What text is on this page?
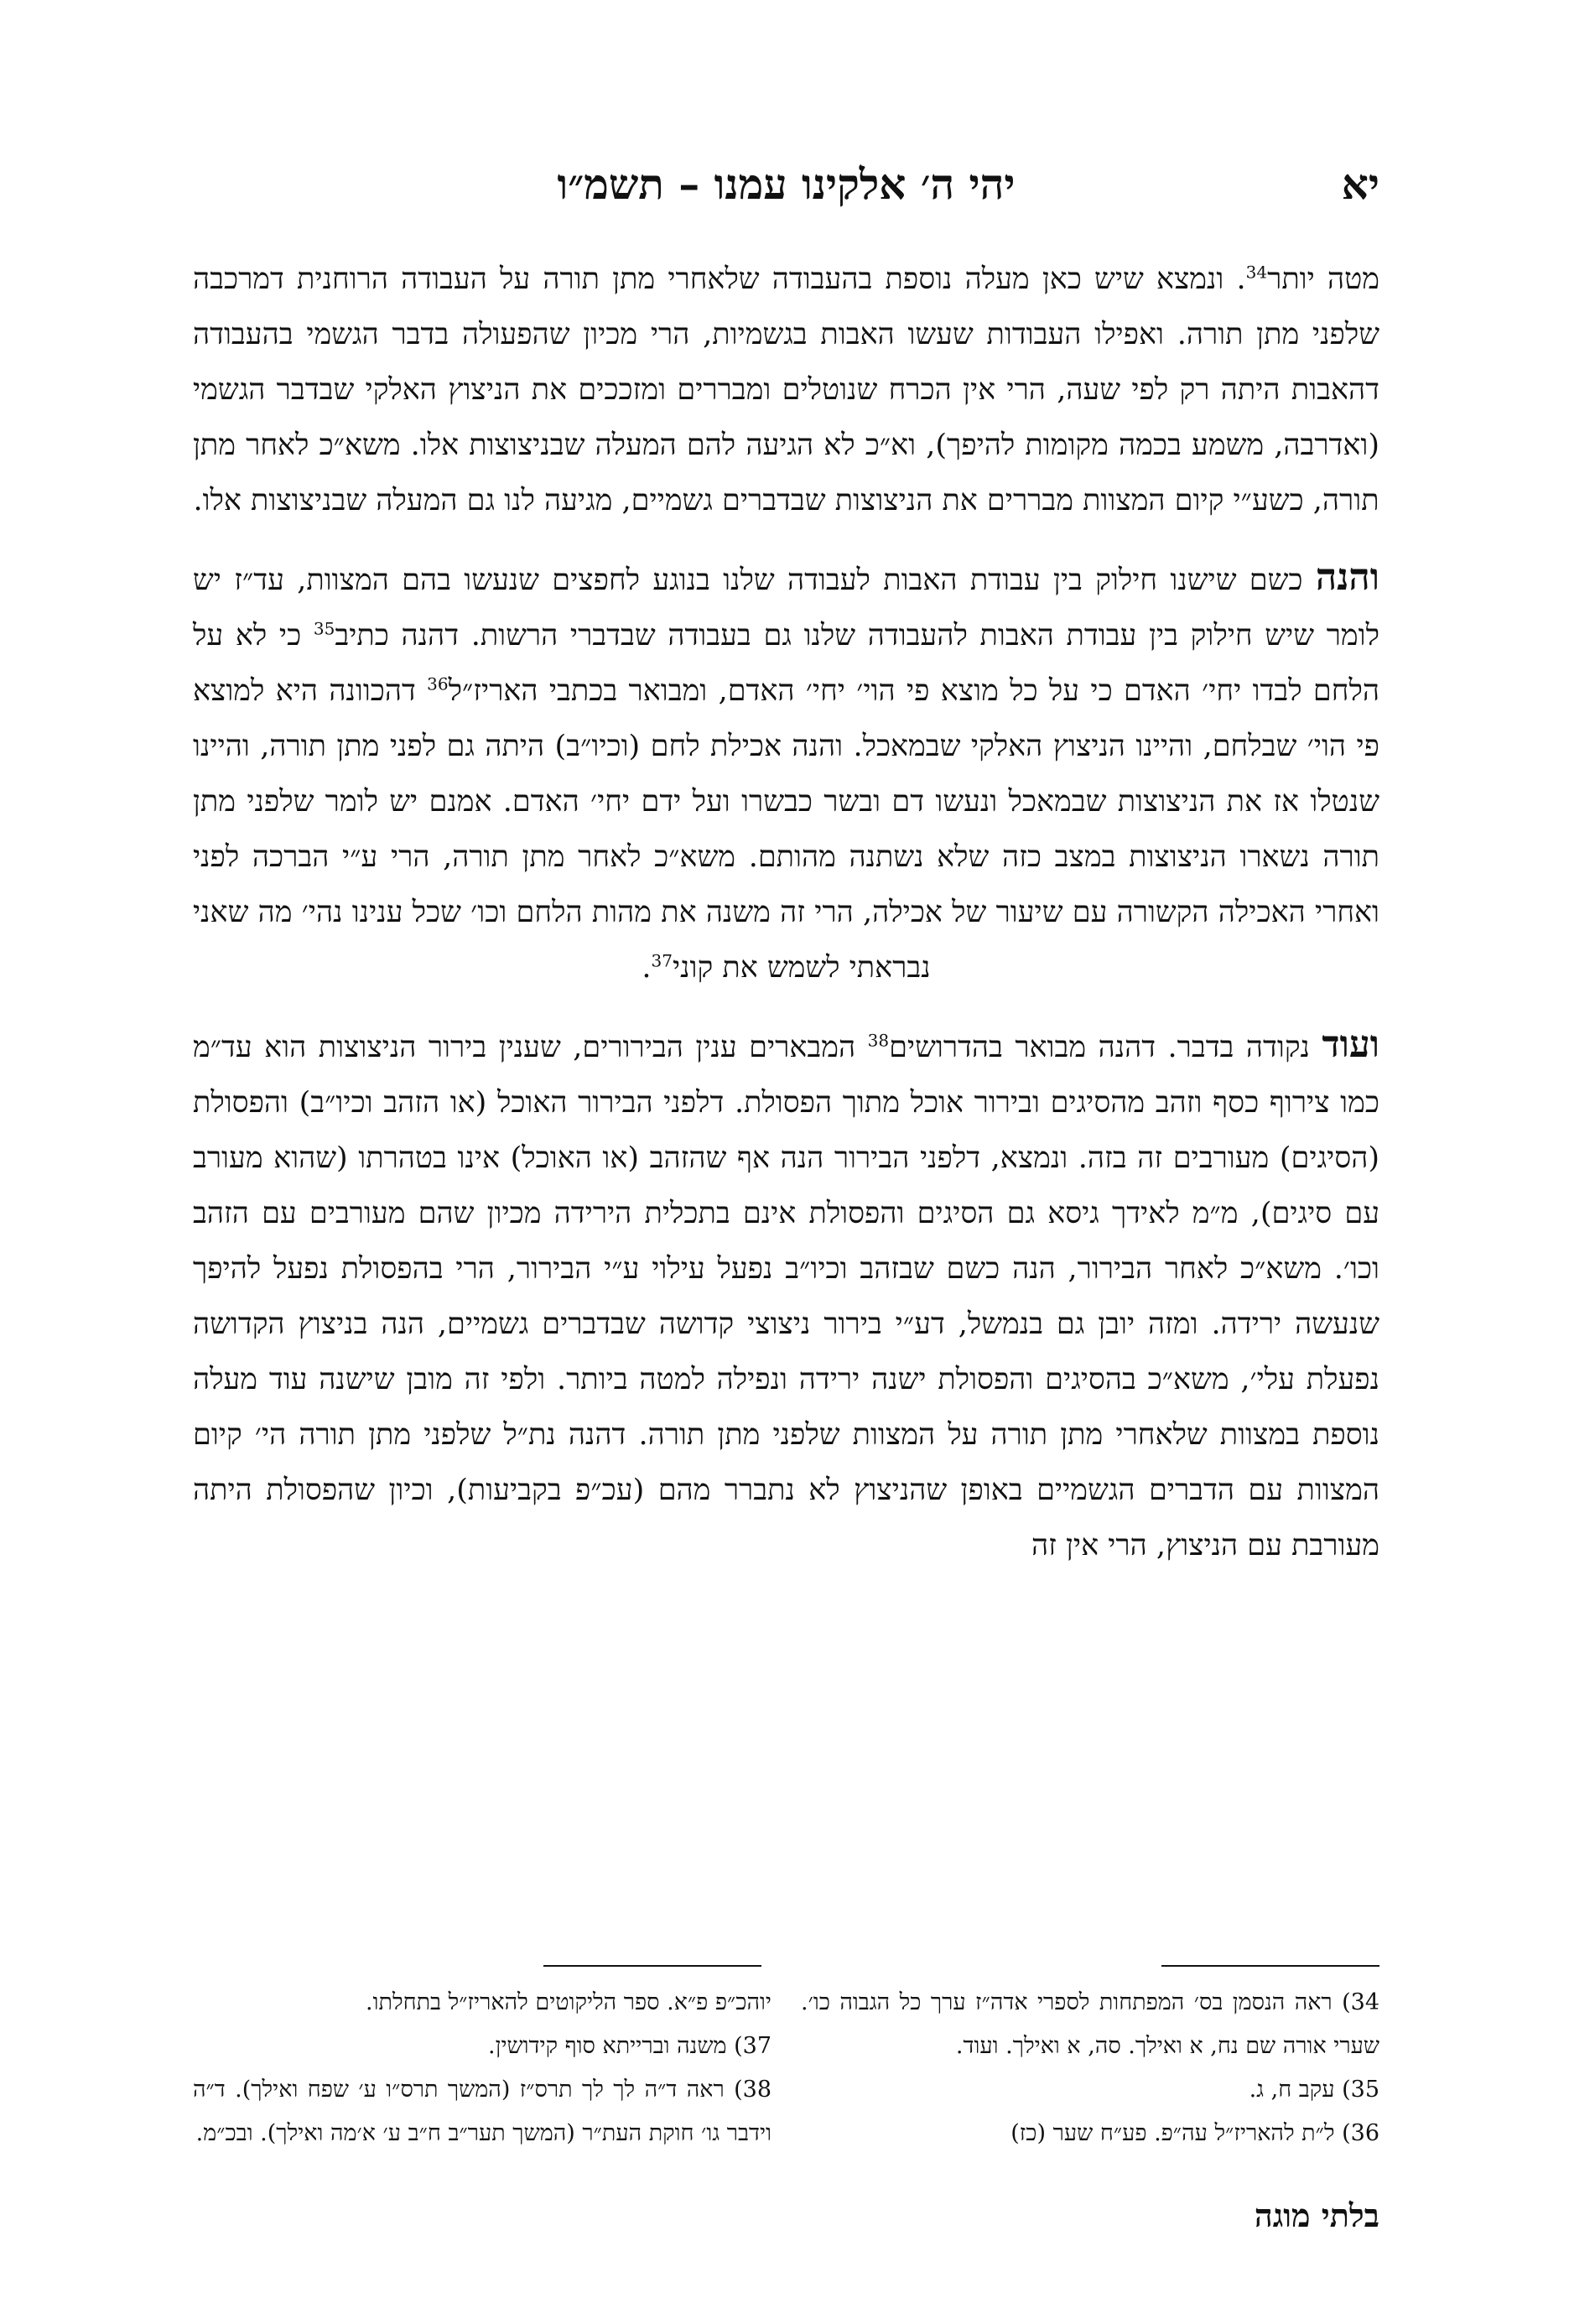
יהי ה׳ אלקינו עמנו – תשמ״ו	יא

מטה יותר$^{34}$. ונמצא שיש כאן מעלה נוספת בהעבודה שלאחרי מתן תורה על העבודה הרוחנית דמרכבה שלפני מתן תורה. ואפילו העבודות שעשו האבות בגשמיות, הרי מכיון שהפעולה בדבר הגשמי בהעבודה דהאבות היתה רק לפי שעה, הרי אין הכרח שנוטלים ומבררים ומזככים את הניצוץ האלקי שבדבר הגשמי (ואדרבה, משמע בכמה מקומות להיפך), וא״כ לא הגיעה להם המעלה שבניצוצות אלו. משא״כ לאחר מתן תורה, כשע״י קיום המצוות מבררים את הניצוצות שבדברים גשמיים, מגיעה לנו גם המעלה שבניצוצות אלו.

והנה כשם שישנו חילוק בין עבודת האבות לעבודה שלנו בנוגע לחפצים שנעשו בהם המצוות, עד״ז יש לומר שיש חילוק בין עבודת האבות להעבודה שלנו גם בעבודה שבדברי הרשות. דהנה כתיב$^{35}$ כי לא על הלחם לבדו יחי׳ האדם כי על כל מוצא פי הוי׳ יחי׳ האדם, ומבואר בכתבי האריז״ל$^{36}$ דהכוונה היא למוצא פי הוי׳ שבלחם, והיינו הניצוץ האלקי שבמאכל. והנה אכילת לחם (וכיו״ב) היתה גם לפני מתן תורה, והיינו שנטלו אז את הניצוצות שבמאכל ונעשו דם ובשר כבשרו ועל ידם יחי׳ האדם. אמנם יש לומר שלפני מתן תורה נשארו הניצוצות במצב כזה שלא נשתנה מהותם. משא״כ לאחר מתן תורה, הרי ע״י הברכה לפני ואחרי האכילה הקשורה עם שיעור של אכילה, הרי זה משנה את מהות הלחם וכו׳ שכל ענינו נהי׳ מה שאני נבראתי לשמש את קוני$^{37}$.

ועוד נקודה בדבר. דהנה מבואר בהדרושים$^{38}$ המבארים ענין הבירורים, שענין בירור הניצוצות הוא עד״מ כמו צירוף כסף וזהב מהסיגים ובירור אוכל מתוך הפסולת. דלפני הבירור האוכל (או הזהב וכיו״ב) והפסולת (הסיגים) מעורבים זה בזה. ונמצא, דלפני הבירור הנה אף שהזהב (או האוכל) אינו בטהרתו (שהוא מעורב עם סיגים), מ״מ לאידך גיסא גם הסיגים והפסולת אינם בתכלית הירידה מכיון שהם מעורבים עם הזהב וכו׳. משא״כ לאחר הבירור, הנה כשם שבזהב וכיו״ב נפעל עילוי ע״י הבירור, הרי בהפסולת נפעל להיפך שנעשה ירידה. ומזה יובן גם בנמשל, דע״י בירור ניצוצי קדושה שבדברים גשמיים, הנה בניצוץ הקדושה נפעלת עלי׳, משא״כ בהסיגים והפסולת ישנה ירידה ונפילה למטה ביותר. ולפי זה מובן שישנה עוד מעלה נוספת במצוות שלאחרי מתן תורה על המצוות שלפני מתן תורה. דהנה נת״ל שלפני מתן תורה הי׳ קיום המצוות עם הדברים הגשמיים באופן שהניצוץ לא נתברר מהם (עכ״פ בקביעות), וכיון שהפסולת היתה מעורבת עם הניצוץ, הרי אין זה

34) ראה הנסמן בס׳ המפתחות לספרי אדה״ז ערך כל הגבוה כו׳. שערי אורה שם נח, א ואילך. סה, א ואילך. ועוד.

35) עקב ח, ג.

36) ל״ת להאריז״ל עה״פ. פע״ח שער (כז)

יוהכ״פ פ״א. ספר הליקוטים להאריז״ל בתחלתו.

37) משנה וברייתא סוף קידושין.

38) ראה ד״ה לך לך תרס״ז (המשך תרס״ו ע׳ שפח ואילך). ד״ה וידבר גו׳ חוקת העת״ר (המשך תער״ב ח״ב ע׳ א׳מה ואילך). ובכ״מ.

בלתי מוגה
